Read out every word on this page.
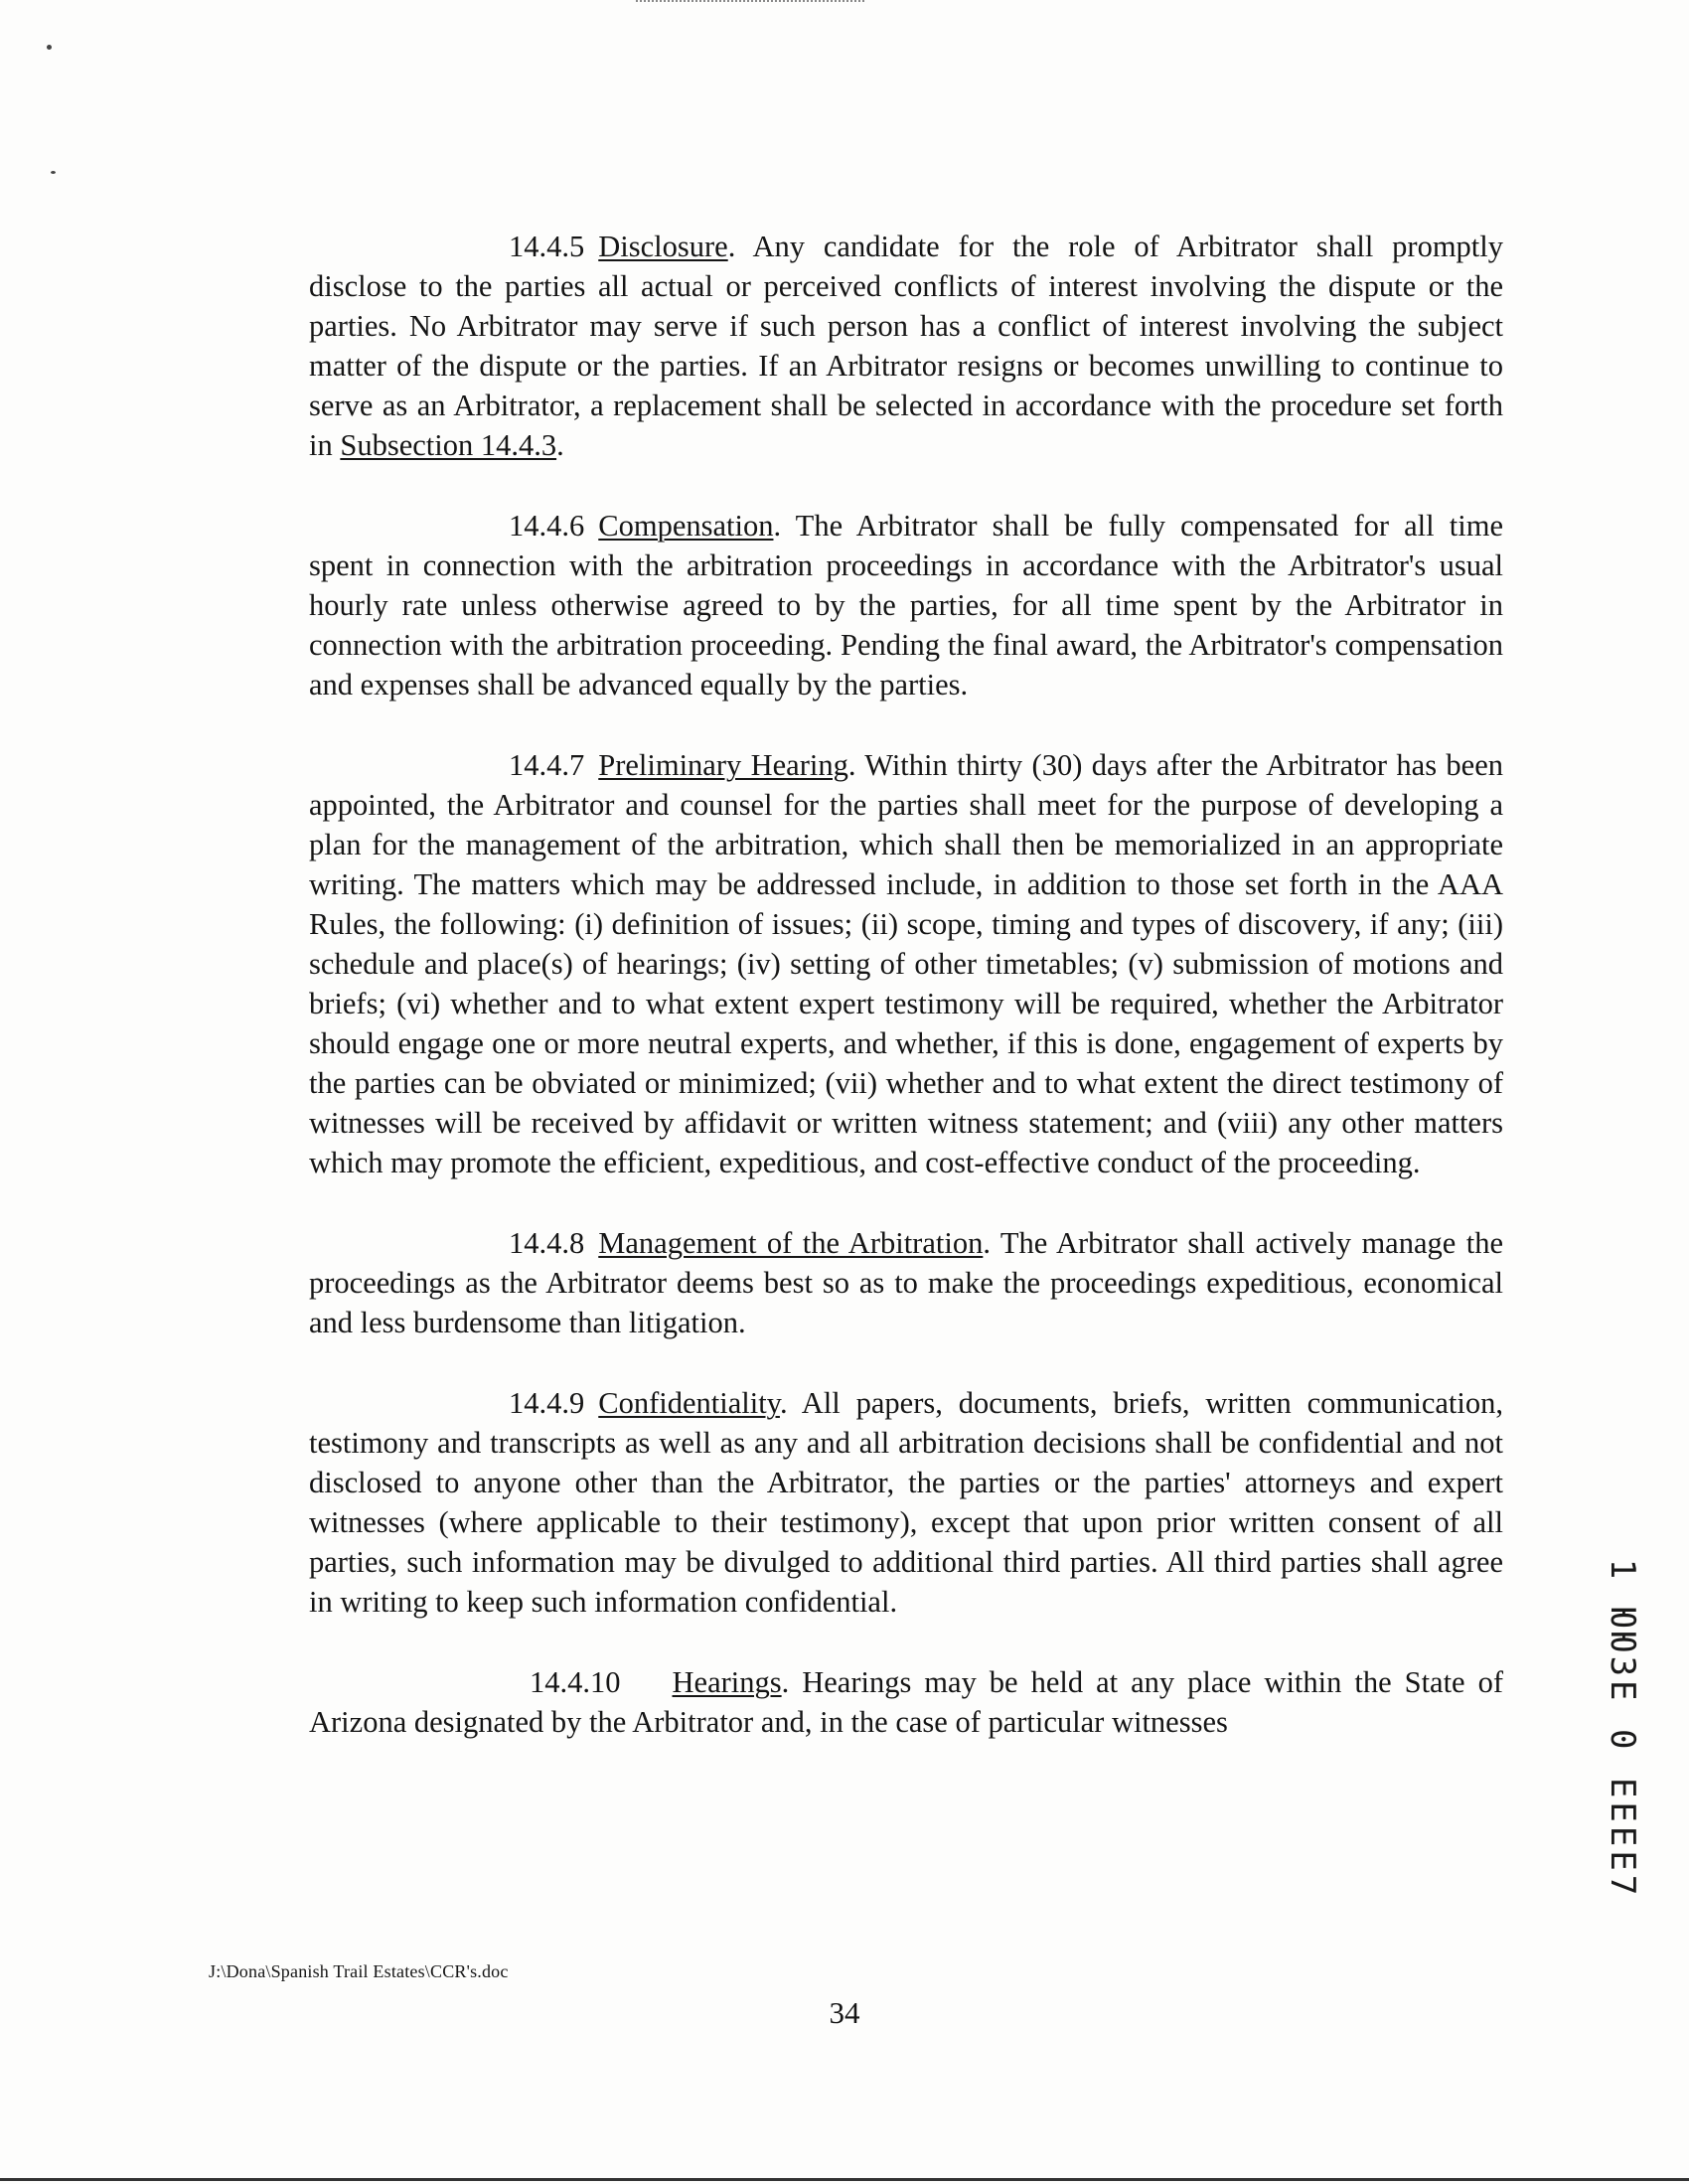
14.4.5 Disclosure. Any candidate for the role of Arbitrator shall promptly disclose to the parties all actual or perceived conflicts of interest involving the dispute or the parties. No Arbitrator may serve if such person has a conflict of interest involving the subject matter of the dispute or the parties. If an Arbitrator resigns or becomes unwilling to continue to serve as an Arbitrator, a replacement shall be selected in accordance with the procedure set forth in Subsection 14.4.3.

14.4.6 Compensation. The Arbitrator shall be fully compensated for all time spent in connection with the arbitration proceedings in accordance with the Arbitrator's usual hourly rate unless otherwise agreed to by the parties, for all time spent by the Arbitrator in connection with the arbitration proceeding. Pending the final award, the Arbitrator's compensation and expenses shall be advanced equally by the parties.

14.4.7 Preliminary Hearing. Within thirty (30) days after the Arbitrator has been appointed, the Arbitrator and counsel for the parties shall meet for the purpose of developing a plan for the management of the arbitration, which shall then be memorialized in an appropriate writing. The matters which may be addressed include, in addition to those set forth in the AAA Rules, the following: (i) definition of issues; (ii) scope, timing and types of discovery, if any; (iii) schedule and place(s) of hearings; (iv) setting of other timetables; (v) submission of motions and briefs; (vi) whether and to what extent expert testimony will be required, whether the Arbitrator should engage one or more neutral experts, and whether, if this is done, engagement of experts by the parties can be obviated or minimized; (vii) whether and to what extent the direct testimony of witnesses will be received by affidavit or written witness statement; and (viii) any other matters which may promote the efficient, expeditious, and cost-effective conduct of the proceeding.

14.4.8 Management of the Arbitration. The Arbitrator shall actively manage the proceedings as the Arbitrator deems best so as to make the proceedings expeditious, economical and less burdensome than litigation.

14.4.9 Confidentiality. All papers, documents, briefs, written communication, testimony and transcripts as well as any and all arbitration decisions shall be confidential and not disclosed to anyone other than the Arbitrator, the parties or the parties' attorneys and expert witnesses (where applicable to their testimony), except that upon prior written consent of all parties, such information may be divulged to additional third parties. All third parties shall agree in writing to keep such information confidential.

14.4.10 Hearings. Hearings may be held at any place within the State of Arizona designated by the Arbitrator and, in the case of particular witnesses	1 ЮЮЗЕ 0 ЕЕЕЕ7
J:\Dona\Spanish Trail Estates\CCR's.doc
34
